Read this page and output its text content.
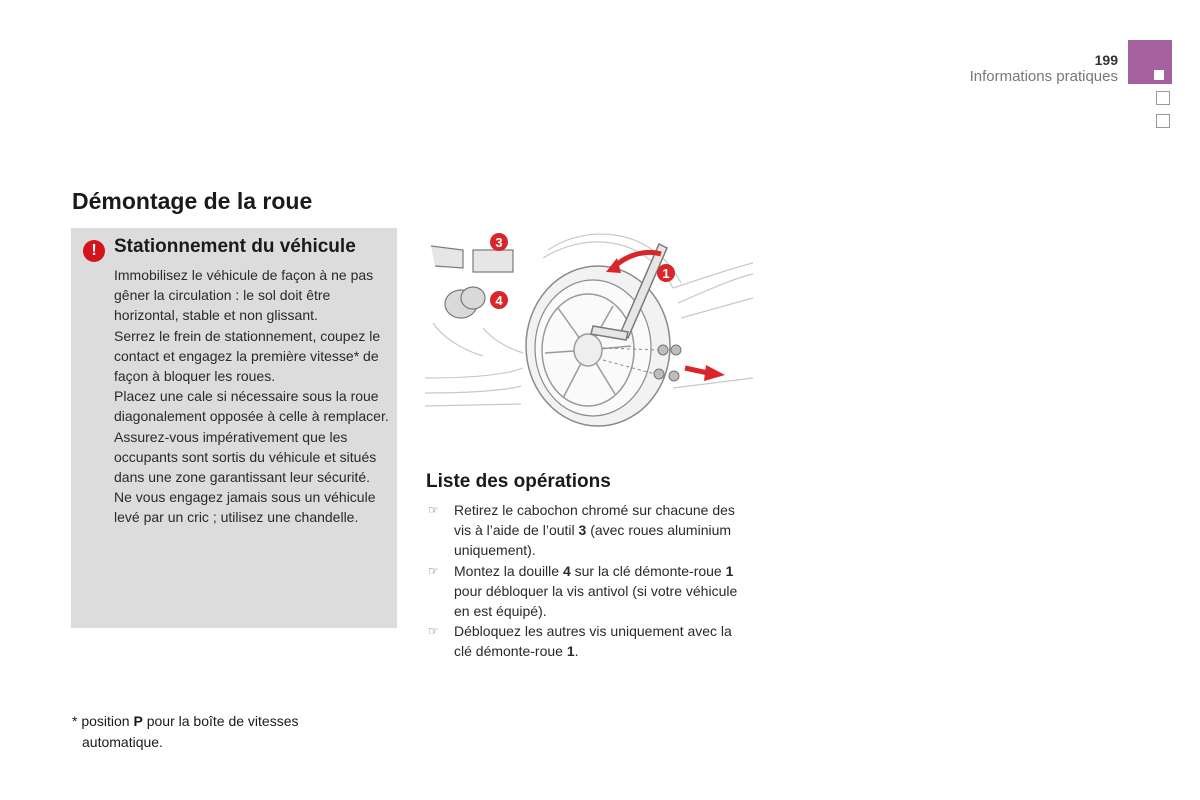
199
Informations pratiques
Démontage de la roue
! Stationnement du véhicule

Immobilisez le véhicule de façon à ne pas gêner la circulation : le sol doit être horizontal, stable et non glissant.

Serrez le frein de stationnement, coupez le contact et engagez la première vitesse* de façon à bloquer les roues.

Placez une cale si nécessaire sous la roue diagonalement opposée à celle à remplacer.

Assurez-vous impérativement que les occupants sont sortis du véhicule et situés dans une zone garantissant leur sécurité.

Ne vous engagez jamais sous un véhicule levé par un cric ; utilisez une chandelle.

3
4
1
Liste des opérations
☞ Retirez le cabochon chromé sur chacune des vis à l’aide de l’outil 3 (avec roues aluminium uniquement).
☞ Montez la douille 4 sur la clé démonte-roue 1 pour débloquer la vis antivol (si votre véhicule en est équipé).
☞ Débloquez les autres vis uniquement avec la clé démonte-roue 1.
* position P pour la boîte de vitesses
automatique.
